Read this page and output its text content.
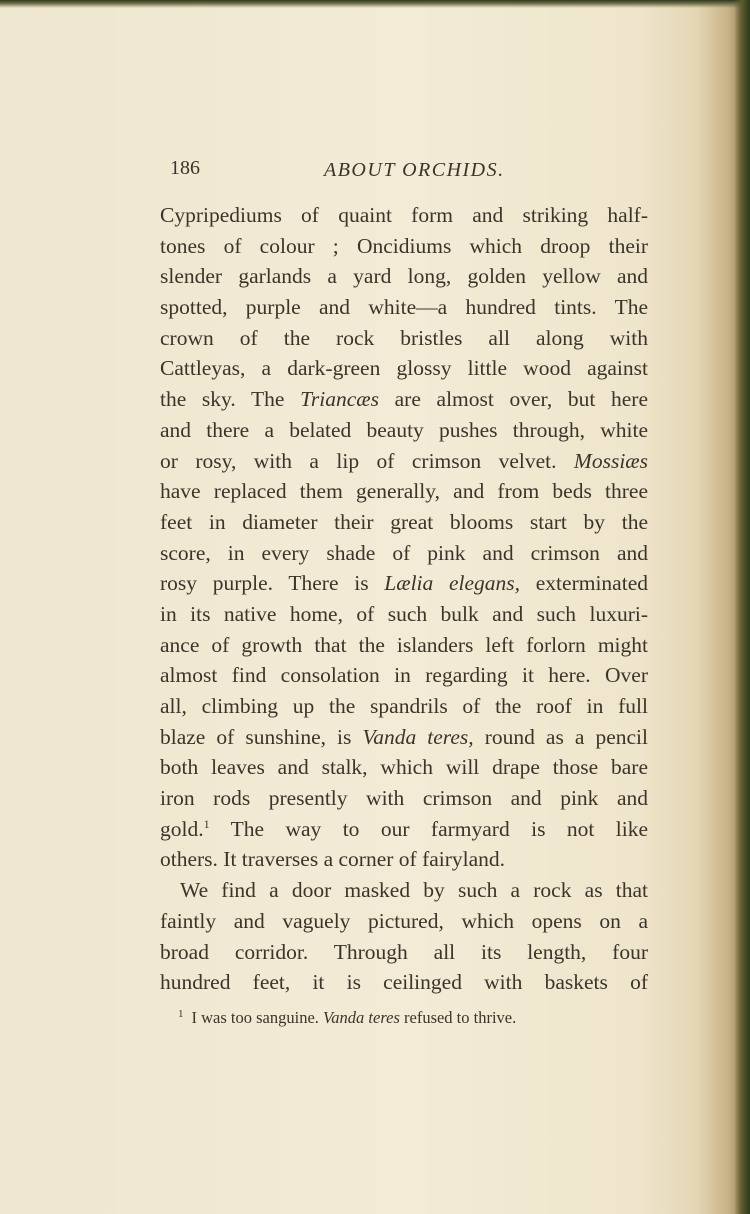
186	ABOUT ORCHIDS.
Cypripediums of quaint form and striking half-
tones of colour ; Oncidiums which droop their
slender garlands a yard long, golden yellow and
spotted, purple and white—a hundred tints. The
crown of the rock bristles all along with
Cattleyas, a dark-green glossy little wood against
the sky. The Triancæs are almost over, but here
and there a belated beauty pushes through, white
or rosy, with a lip of crimson velvet. Mossiæs
have replaced them generally, and from beds three
feet in diameter their great blooms start by the
score, in every shade of pink and crimson and
rosy purple. There is Lælia elegans, exterminated
in its native home, of such bulk and such luxuri-
ance of growth that the islanders left forlorn might
almost find consolation in regarding it here. Over
all, climbing up the spandrils of the roof in full
blaze of sunshine, is Vanda teres, round as a pencil
both leaves and stalk, which will drape those bare
iron rods presently with crimson and pink and
gold.$^1$ The way to our farmyard is not like
others. It traverses a corner of fairyland.
We find a door masked by such a rock as that
faintly and vaguely pictured, which opens on a
broad corridor. Through all its length, four
hundred feet, it is ceilinged with baskets of
$^1$ I was too sanguine. Vanda teres refused to thrive.
